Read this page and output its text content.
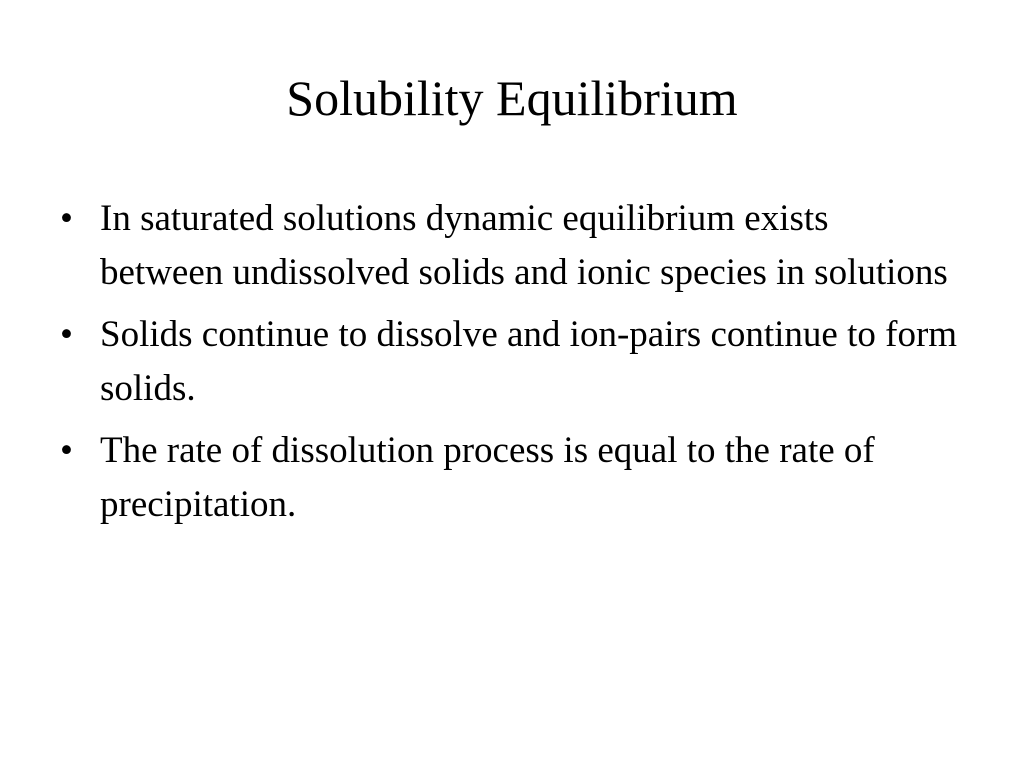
Solubility Equilibrium
• In saturated solutions dynamic equilibrium exists between undissolved solids and ionic species in solutions
• Solids continue to dissolve and ion-pairs continue to form solids.
• The rate of dissolution process is equal to the rate of precipitation.
